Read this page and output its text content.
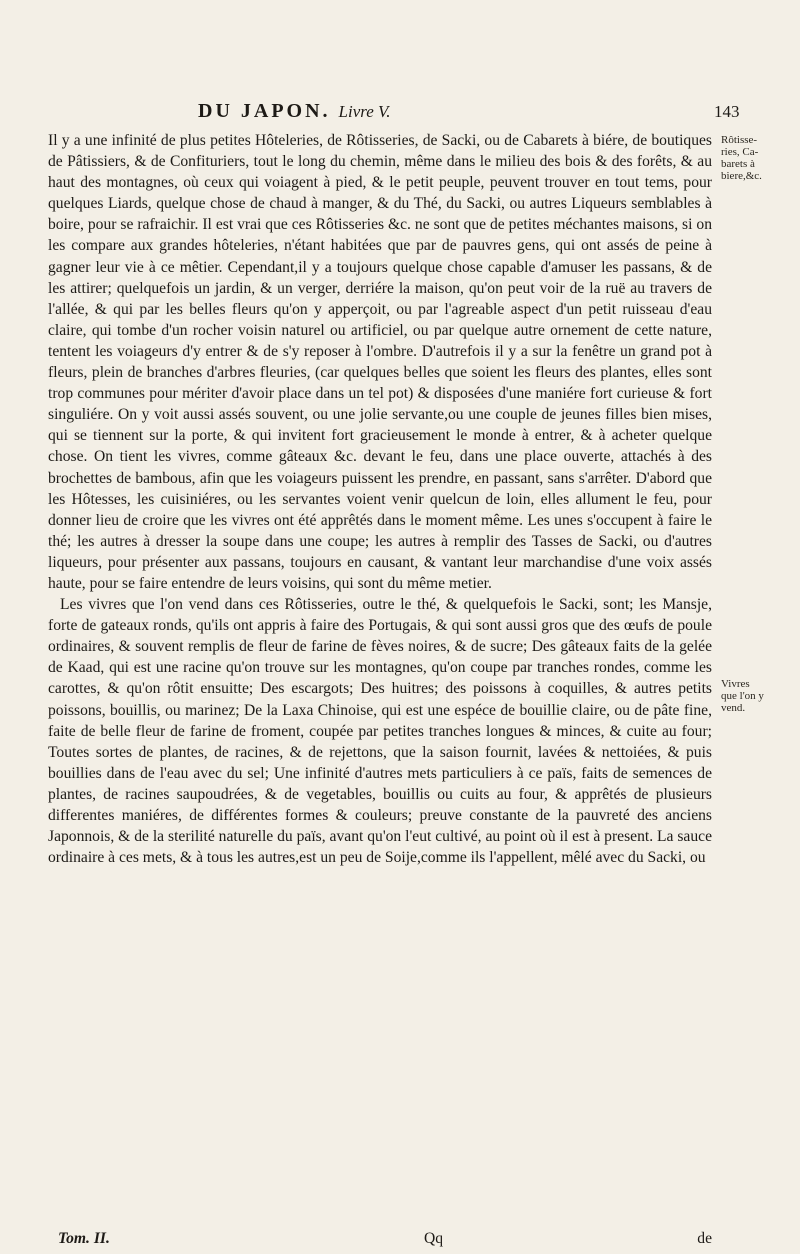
DU JAPON. Livre V.	143

Il y a une infinité de plus petites Hôteleries, de Rôtisseries, de Sacki, ou de Cabarets à biére, de boutiques de Pâtissiers, & de Confituriers, tout le long du chemin, même dans le milieu des bois & des forêts, & au haut des montagnes, où ceux qui voiagent à pied, & le petit peuple, peuvent trouver en tout tems, pour quelques Liards, quelque chose de chaud à manger, & du Thé, du Sacki, ou autres Liqueurs semblables à boire, pour se rafraichir. Il est vrai que ces Rôtisseries &c. ne sont que de petites méchantes maisons, si on les compare aux grandes hôteleries, n'étant habitées que par de pauvres gens, qui ont assés de peine à gagner leur vie à ce mêtier. Cependant,il y a toujours quelque chose capable d'amuser les passans, & de les attirer; quelquefois un jardin, & un verger, derriére la maison, qu'on peut voir de la ruë au travers de l'allée, & qui par les belles fleurs qu'on y apperçoit, ou par l'agreable aspect d'un petit ruisseau d'eau claire, qui tombe d'un rocher voisin naturel ou artificiel, ou par quelque autre ornement de cette nature, tentent les voiageurs d'y entrer & de s'y reposer à l'ombre. D'autrefois il y a sur la fenêtre un grand pot à fleurs, plein de branches d'arbres fleuries, (car quelques belles que soient les fleurs des plantes, elles sont trop communes pour mériter d'avoir place dans un tel pot) & disposées d'une maniére fort curieuse & fort singuliére. On y voit aussi assés souvent, ou une jolie servante,ou une couple de jeunes filles bien mises, qui se tiennent sur la porte, & qui invitent fort gracieusement le monde à entrer, & à acheter quelque chose. On tient les vivres, comme gâteaux &c. devant le feu, dans une place ouverte, attachés à des brochettes de bambous, afin que les voiageurs puissent les prendre, en passant, sans s'arrêter. D'abord que les Hôtesses, les cuisiniéres, ou les servantes voient venir quelcun de loin, elles allument le feu, pour donner lieu de croire que les vivres ont été apprêtés dans le moment même. Les unes s'occupent à faire le thé; les autres à dresser la soupe dans une coupe; les autres à remplir des Tasses de Sacki, ou d'autres liqueurs, pour présenter aux passans, toujours en causant, & vantant leur marchandise d'une voix assés haute, pour se faire entendre de leurs voisins, qui sont du même metier.

Les vivres que l'on vend dans ces Rôtisseries, outre le thé, & quelquefois le Sacki, sont; les Mansje, forte de gateaux ronds, qu'ils ont appris à faire des Portugais, & qui sont aussi gros que des œufs de poule ordinaires, & souvent remplis de fleur de farine de fèves noires, & de sucre; Des gâteaux faits de la gelée de Kaad, qui est une racine qu'on trouve sur les montagnes, qu'on coupe par tranches rondes, comme les carottes, & qu'on rôtit ensuitte; Des escargots; Des huitres; des poissons à coquilles, & autres petits poissons, bouillis, ou marinez; De la Laxa Chinoise, qui est une espéce de bouillie claire, ou de pâte fine, faite de belle fleur de farine de froment, coupée par petites tranches longues & minces, & cuite au four; Toutes sortes de plantes, de racines, & de rejettons, que la saison fournit, lavées & nettoiées, & puis bouillies dans de l'eau avec du sel; Une infinité d'autres mets particuliers à ce païs, faits de semences de plantes, de racines saupoudrées, & de vegetables, bouillis ou cuits au four, & apprêtés de plusieurs differentes maniéres, de différentes formes & couleurs; preuve constante de la pauvreté des anciens Japonnois, & de la sterilité naturelle du païs, avant qu'on l'eut cultivé, au point où il est à present. La sauce ordinaire à ces mets, & à tous les autres,est un peu de Soije,comme ils l'appellent, mêlé avec du Sacki, ou

Rôtisse-
ries, Ca-
barets à
biere,&c.
Vivres
que l'on y
vend.
Tom. II.	Qq	de
